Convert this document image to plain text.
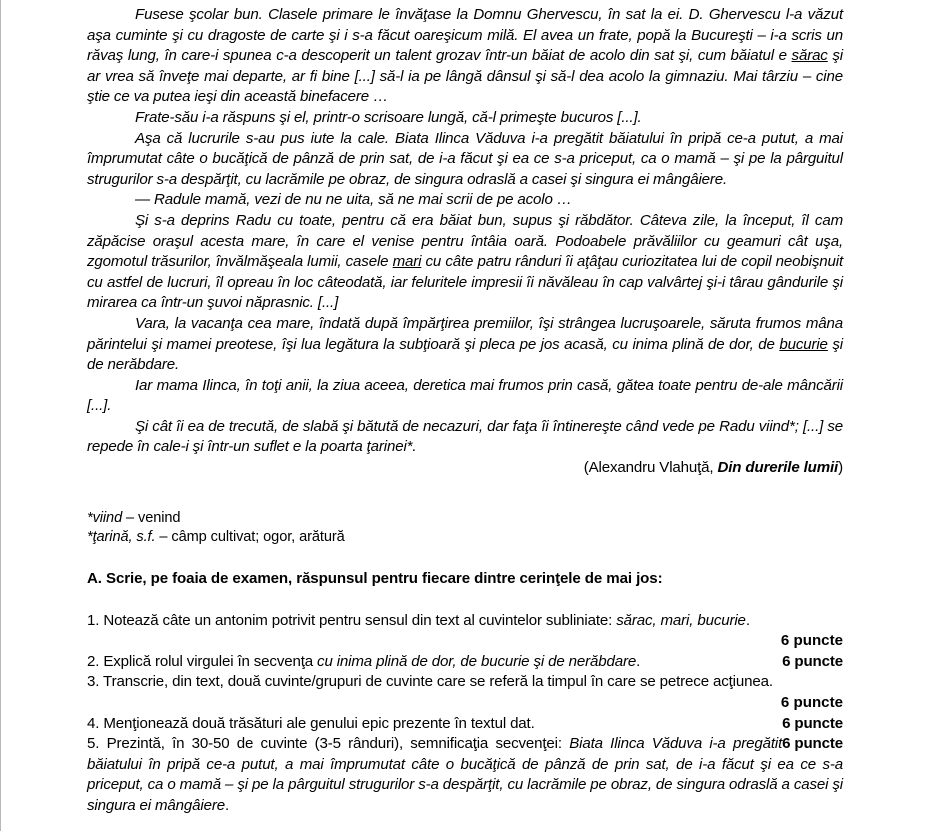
Fusese şcolar bun. Clasele primare le învăţase la Domnu Ghervescu, în sat la ei. D. Ghervescu l-a văzut aşa cuminte şi cu dragoste de carte şi i s-a făcut oareşicum milă. El avea un frate, popă la Bucureşti – i-a scris un răvaş lung, în care-i spunea c-a descoperit un talent grozav într-un băiat de acolo din sat şi, cum băiatul e sărac şi ar vrea să înveţe mai departe, ar fi bine [...] să-l ia pe lângă dânsul şi să-l dea acolo la gimnaziu. Mai târziu – cine ştie ce va putea ieşi din această binefacere …

Frate-său i-a răspuns şi el, printr-o scrisoare lungă, că-l primeşte bucuros [...].

Aşa că lucrurile s-au pus iute la cale. Biata Ilinca Văduva i-a pregătit băiatului în pripă ce-a putut, a mai împrumutat câte o bucăţică de pânză de prin sat, de i-a făcut şi ea ce s-a priceput, ca o mamă – şi pe la pârguitul strugurilor s-a despărţit, cu lacrămile pe obraz, de singura odraslă a casei şi singura ei mângâiere.

— Radule mamă, vezi de nu ne uita, să ne mai scrii de pe acolo …

Şi s-a deprins Radu cu toate, pentru că era băiat bun, supus şi răbdător. Câteva zile, la început, îl cam zăpăcise oraşul acesta mare, în care el venise pentru întâia oară. Podoabele prăvăliilor cu geamuri cât uşa, zgomotul trăsurilor, învălmăşeala lumii, casele mari cu câte patru rânduri îi aţâţau curiozitatea lui de copil neobişnuit cu astfel de lucruri, îl opreau în loc câteodată, iar feluritele impresii îi năvăleau în cap valvârtej şi-i târau gândurile şi mirarea ca într-un şuvoi năprasnic. [...]

Vara, la vacanţa cea mare, îndată după împărţirea premiilor, îşi strângea lucruşoarele, săruta frumos mâna părintelui şi mamei preotese, îşi lua legătura la subţioară şi pleca pe jos acasă, cu inima plină de dor, de bucurie şi de nerăbdare.

Iar mama Ilinca, în toţi anii, la ziua aceea, deretica mai frumos prin casă, gătea toate pentru de-ale mâncării [...].

Şi cât îi ea de trecută, de slabă şi bătută de necazuri, dar faţa îi întinereşte când vede pe Radu viind*; [...] se repede în cale-i şi într-un suflet e la poarta ţarinei*.

(Alexandru Vlahuţă, Din durerile lumii)

*viind – venind

*ţarină, s.f. – câmp cultivat; ogor, arătură

A. Scrie, pe foaia de examen, răspunsul pentru fiecare dintre cerinţele de mai jos:

1. Notează câte un antonim potrivit pentru sensul din text al cuvintelor subliniate: sărac, mari, bucurie.

6 puncte

6 puncte
2. Explică rolul virgulei în secvenţa cu inima plină de dor, de bucurie şi de nerăbdare.

3. Transcrie, din text, două cuvinte/grupuri de cuvinte care se referă la timpul în care se petrece acţiunea.

6 puncte

6 puncte
4. Menţionează două trăsături ale genului epic prezente în textul dat.

6 puncte
5. Prezintă, în 30-50 de cuvinte (3-5 rânduri), semnificaţia secvenţei: Biata Ilinca Văduva i-a pregătit băiatului în pripă ce-a putut, a mai împrumutat câte o bucăţică de pânză de prin sat, de i-a făcut şi ea ce s-a priceput, ca o mamă – şi pe la pârguitul strugurilor s-a despărţit, cu lacrămile pe obraz, de singura odraslă a casei şi singura ei mângâiere.
